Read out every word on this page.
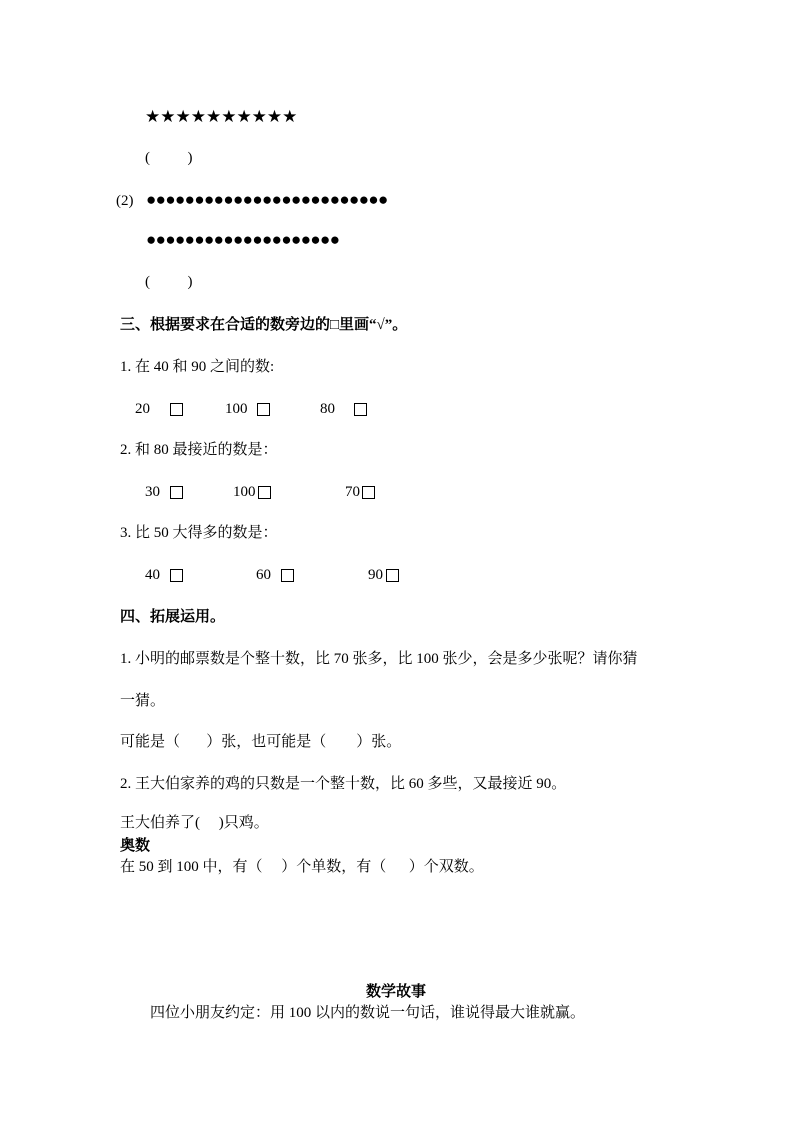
★★★★★★★★★★
(          )
(2) ●●●●●●●●●●●●●●●●●●●●●●●●●
●●●●●●●●●●●●●●●●●●●●
(          )
三、根据要求在合适的数旁边的□里画“√”。
1. 在 40 和 90 之间的数:
20	100	80
2. 和 80 最接近的数是：
30	100	70
3. 比 50 大得多的数是：
40	60	90
四、拓展运用。
1. 小明的邮票数是个整十数，比 70 张多，比 100 张少，会是多少张呢？请你猜
一猜。
可能是（       ）张，也可能是（        ）张。
2. 王大伯家养的鸡的只数是一个整十数，比 60 多些，又最接近 90。
王大伯养了(     )只鸡。
奥数
在 50 到 100 中，有（     ）个单数，有（      ）个双数。
数学故事
四位小朋友约定：用 100 以内的数说一句话，谁说得最大谁就赢。
